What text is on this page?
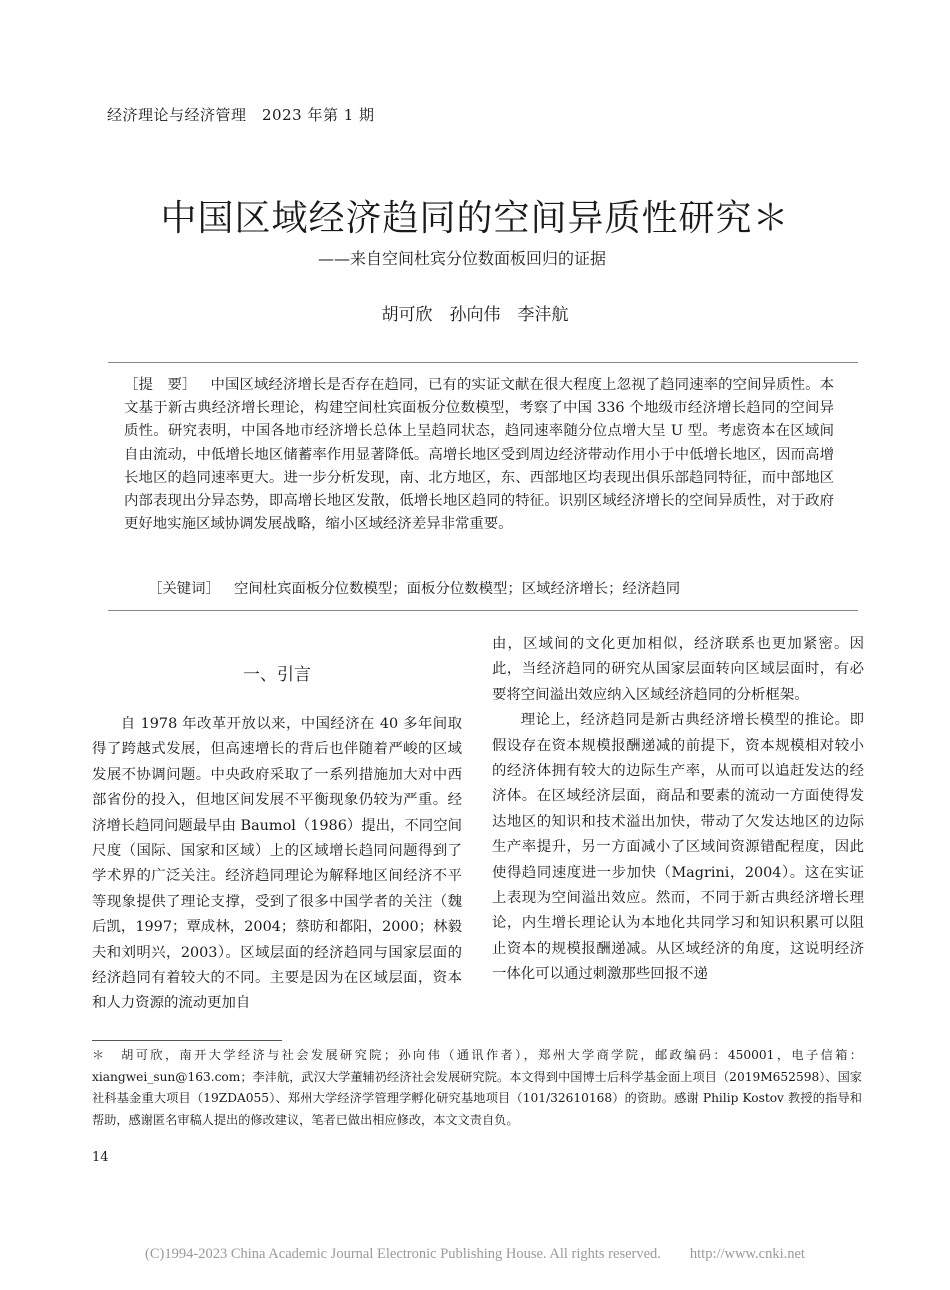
经济理论与经济管理　2023 年第 1 期
中国区域经济趋同的空间异质性研究＊
——来自空间杜宾分位数面板回归的证据
胡可欣　孙向伟　李沣航
［提　要］ 中国区域经济增长是否存在趋同，已有的实证文献在很大程度上忽视了趋同速率的空间异质性。本文基于新古典经济增长理论，构建空间杜宾面板分位数模型，考察了中国 336 个地级市经济增长趋同的空间异质性。研究表明，中国各地市经济增长总体上呈趋同状态，趋同速率随分位点增大呈 U 型。考虑资本在区域间自由流动，中低增长地区储蓄率作用显著降低。高增长地区受到周边经济带动作用小于中低增长地区，因而高增长地区的趋同速率更大。进一步分析发现，南、北方地区，东、西部地区均表现出俱乐部趋同特征，而中部地区内部表现出分异态势，即高增长地区发散，低增长地区趋同的特征。识别区域经济增长的空间异质性，对于政府更好地实施区域协调发展战略，缩小区域经济差异非常重要。
［关键词］ 空间杜宾面板分位数模型；面板分位数模型；区域经济增长；经济趋同
一、引言

自 1978 年改革开放以来，中国经济在 40 多年间取得了跨越式发展，但高速增长的背后也伴随着严峻的区域发展不协调问题。中央政府采取了一系列措施加大对中西部省份的投入，但地区间发展不平衡现象仍较为严重。经济增长趋同问题最早由 Baumol（1986）提出，不同空间尺度（国际、国家和区域）上的区域增长趋同问题得到了学术界的广泛关注。经济趋同理论为解释地区间经济不平等现象提供了理论支撑，受到了很多中国学者的关注（魏后凯，1997；覃成林，2004；蔡昉和都阳，2000；林毅夫和刘明兴，2003）。区域层面的经济趋同与国家层面的经济趋同有着较大的不同。主要是因为在区域层面，资本和人力资源的流动更加自

由，区域间的文化更加相似，经济联系也更加紧密。因此，当经济趋同的研究从国家层面转向区域层面时，有必要将空间溢出效应纳入区域经济趋同的分析框架。

理论上，经济趋同是新古典经济增长模型的推论。即假设存在资本规模报酬递减的前提下，资本规模相对较小的经济体拥有较大的边际生产率，从而可以追赶发达的经济体。在区域经济层面，商品和要素的流动一方面使得发达地区的知识和技术溢出加快，带动了欠发达地区的边际生产率提升，另一方面减小了区域间资源错配程度，因此使得趋同速度进一步加快（Magrini，2004）。这在实证上表现为空间溢出效应。然而，不同于新古典经济增长理论，内生增长理论认为本地化共同学习和知识积累可以阻止资本的规模报酬递减。从区域经济的角度，这说明经济一体化可以通过刺激那些回报不递

＊　胡可欣，南开大学经济与社会发展研究院；孙向伟（通讯作者），郑州大学商学院，邮政编码：450001，电子信箱：xiangwei_sun@163.com；李沣航，武汉大学董辅礽经济社会发展研究院。本文得到中国博士后科学基金面上项目（2019M652598）、国家社科基金重大项目（19ZDA055）、郑州大学经济学管理学孵化研究基地项目（101/32610168）的资助。感谢 Philip Kostov 教授的指导和帮助，感谢匿名审稿人提出的修改建议，笔者已做出相应修改，本文文责自负。
14
(C)1994-2023 China Academic Journal Electronic Publishing House. All rights reserved.　　http://www.cnki.net
